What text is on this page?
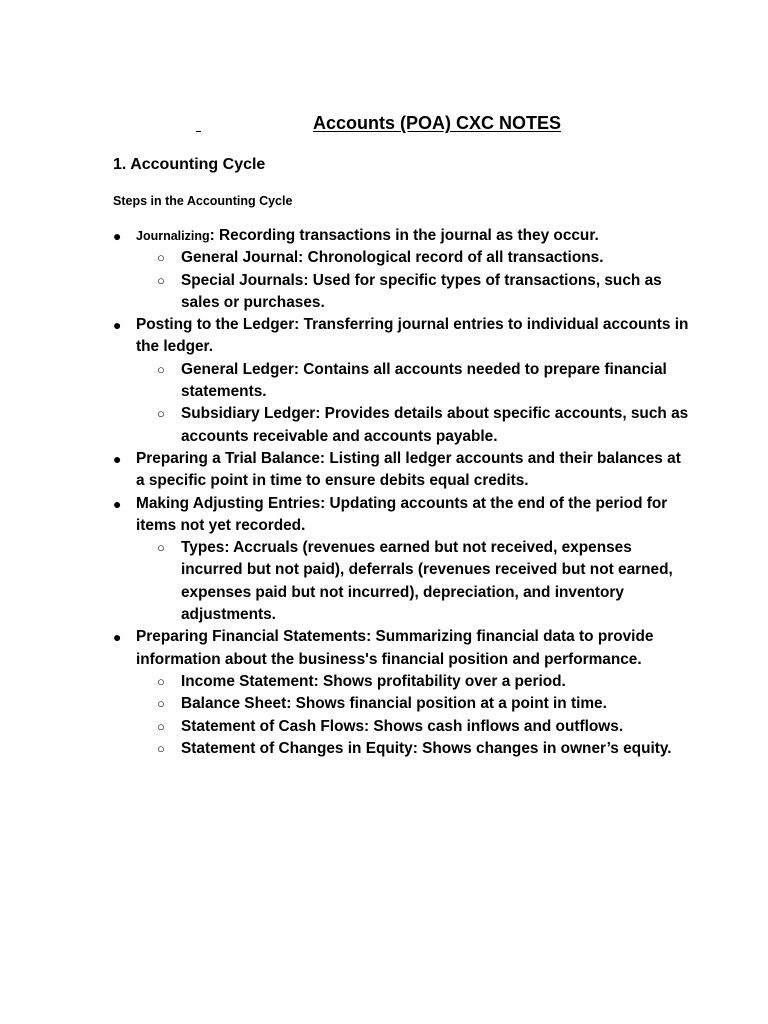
Accounts (POA) CXC NOTES
1. Accounting Cycle
Steps in the Accounting Cycle
●	Journalizing: Recording transactions in the journal as they occur.
○	General Journal: Chronological record of all transactions.
○	Special Journals: Used for specific types of transactions, such as sales or purchases.
● Posting to the Ledger: Transferring journal entries to individual accounts in the ledger.
○	General Ledger: Contains all accounts needed to prepare financial statements.
○	Subsidiary Ledger: Provides details about specific accounts, such as accounts receivable and accounts payable.
● Preparing a Trial Balance: Listing all ledger accounts and their balances at a specific point in time to ensure debits equal credits.
● Making Adjusting Entries: Updating accounts at the end of the period for items not yet recorded.
○	Types: Accruals (revenues earned but not received, expenses incurred but not paid), deferrals (revenues received but not earned, expenses paid but not incurred), depreciation, and inventory adjustments.
● Preparing Financial Statements: Summarizing financial data to provide information about the business's financial position and performance.
○	Income Statement: Shows profitability over a period.
○	Balance Sheet: Shows financial position at a point in time.
○	Statement of Cash Flows: Shows cash inflows and outflows.
○	Statement of Changes in Equity: Shows changes in owner’s equity.
